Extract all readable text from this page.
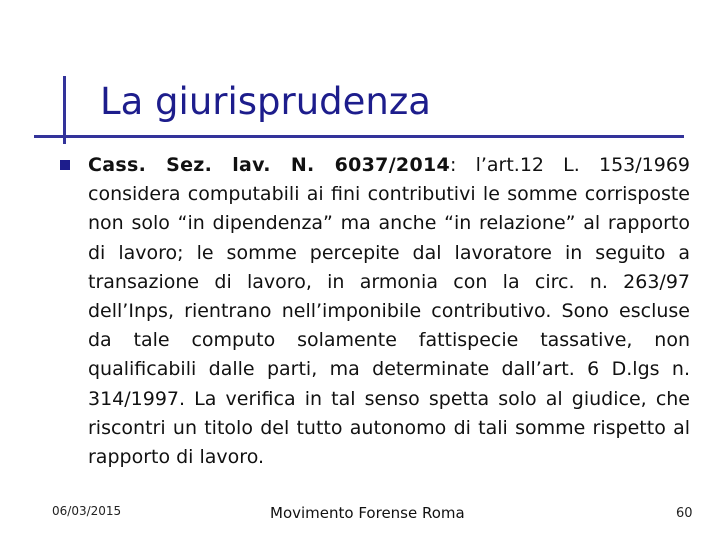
La giurisprudenza

Cass. Sez. lav. N. 6037/2014: l’art.12 L. 153/1969 considera computabili ai fini contributivi le somme corrisposte non solo “in dipendenza” ma anche “in relazione” al rapporto di lavoro; le somme percepite dal lavoratore in seguito a transazione di lavoro, in armonia con la circ. n. 263/97 dell’Inps, rientrano nell’imponibile contributivo. Sono escluse da tale computo solamente fattispecie tassative, non qualificabili dalle parti, ma determinate dall’art. 6 D.lgs n. 314/1997. La verifica in tal senso spetta solo al giudice, che riscontri un titolo del tutto autonomo di tali somme rispetto al rapporto di lavoro.

06/03/2015	Movimento Forense Roma	60
